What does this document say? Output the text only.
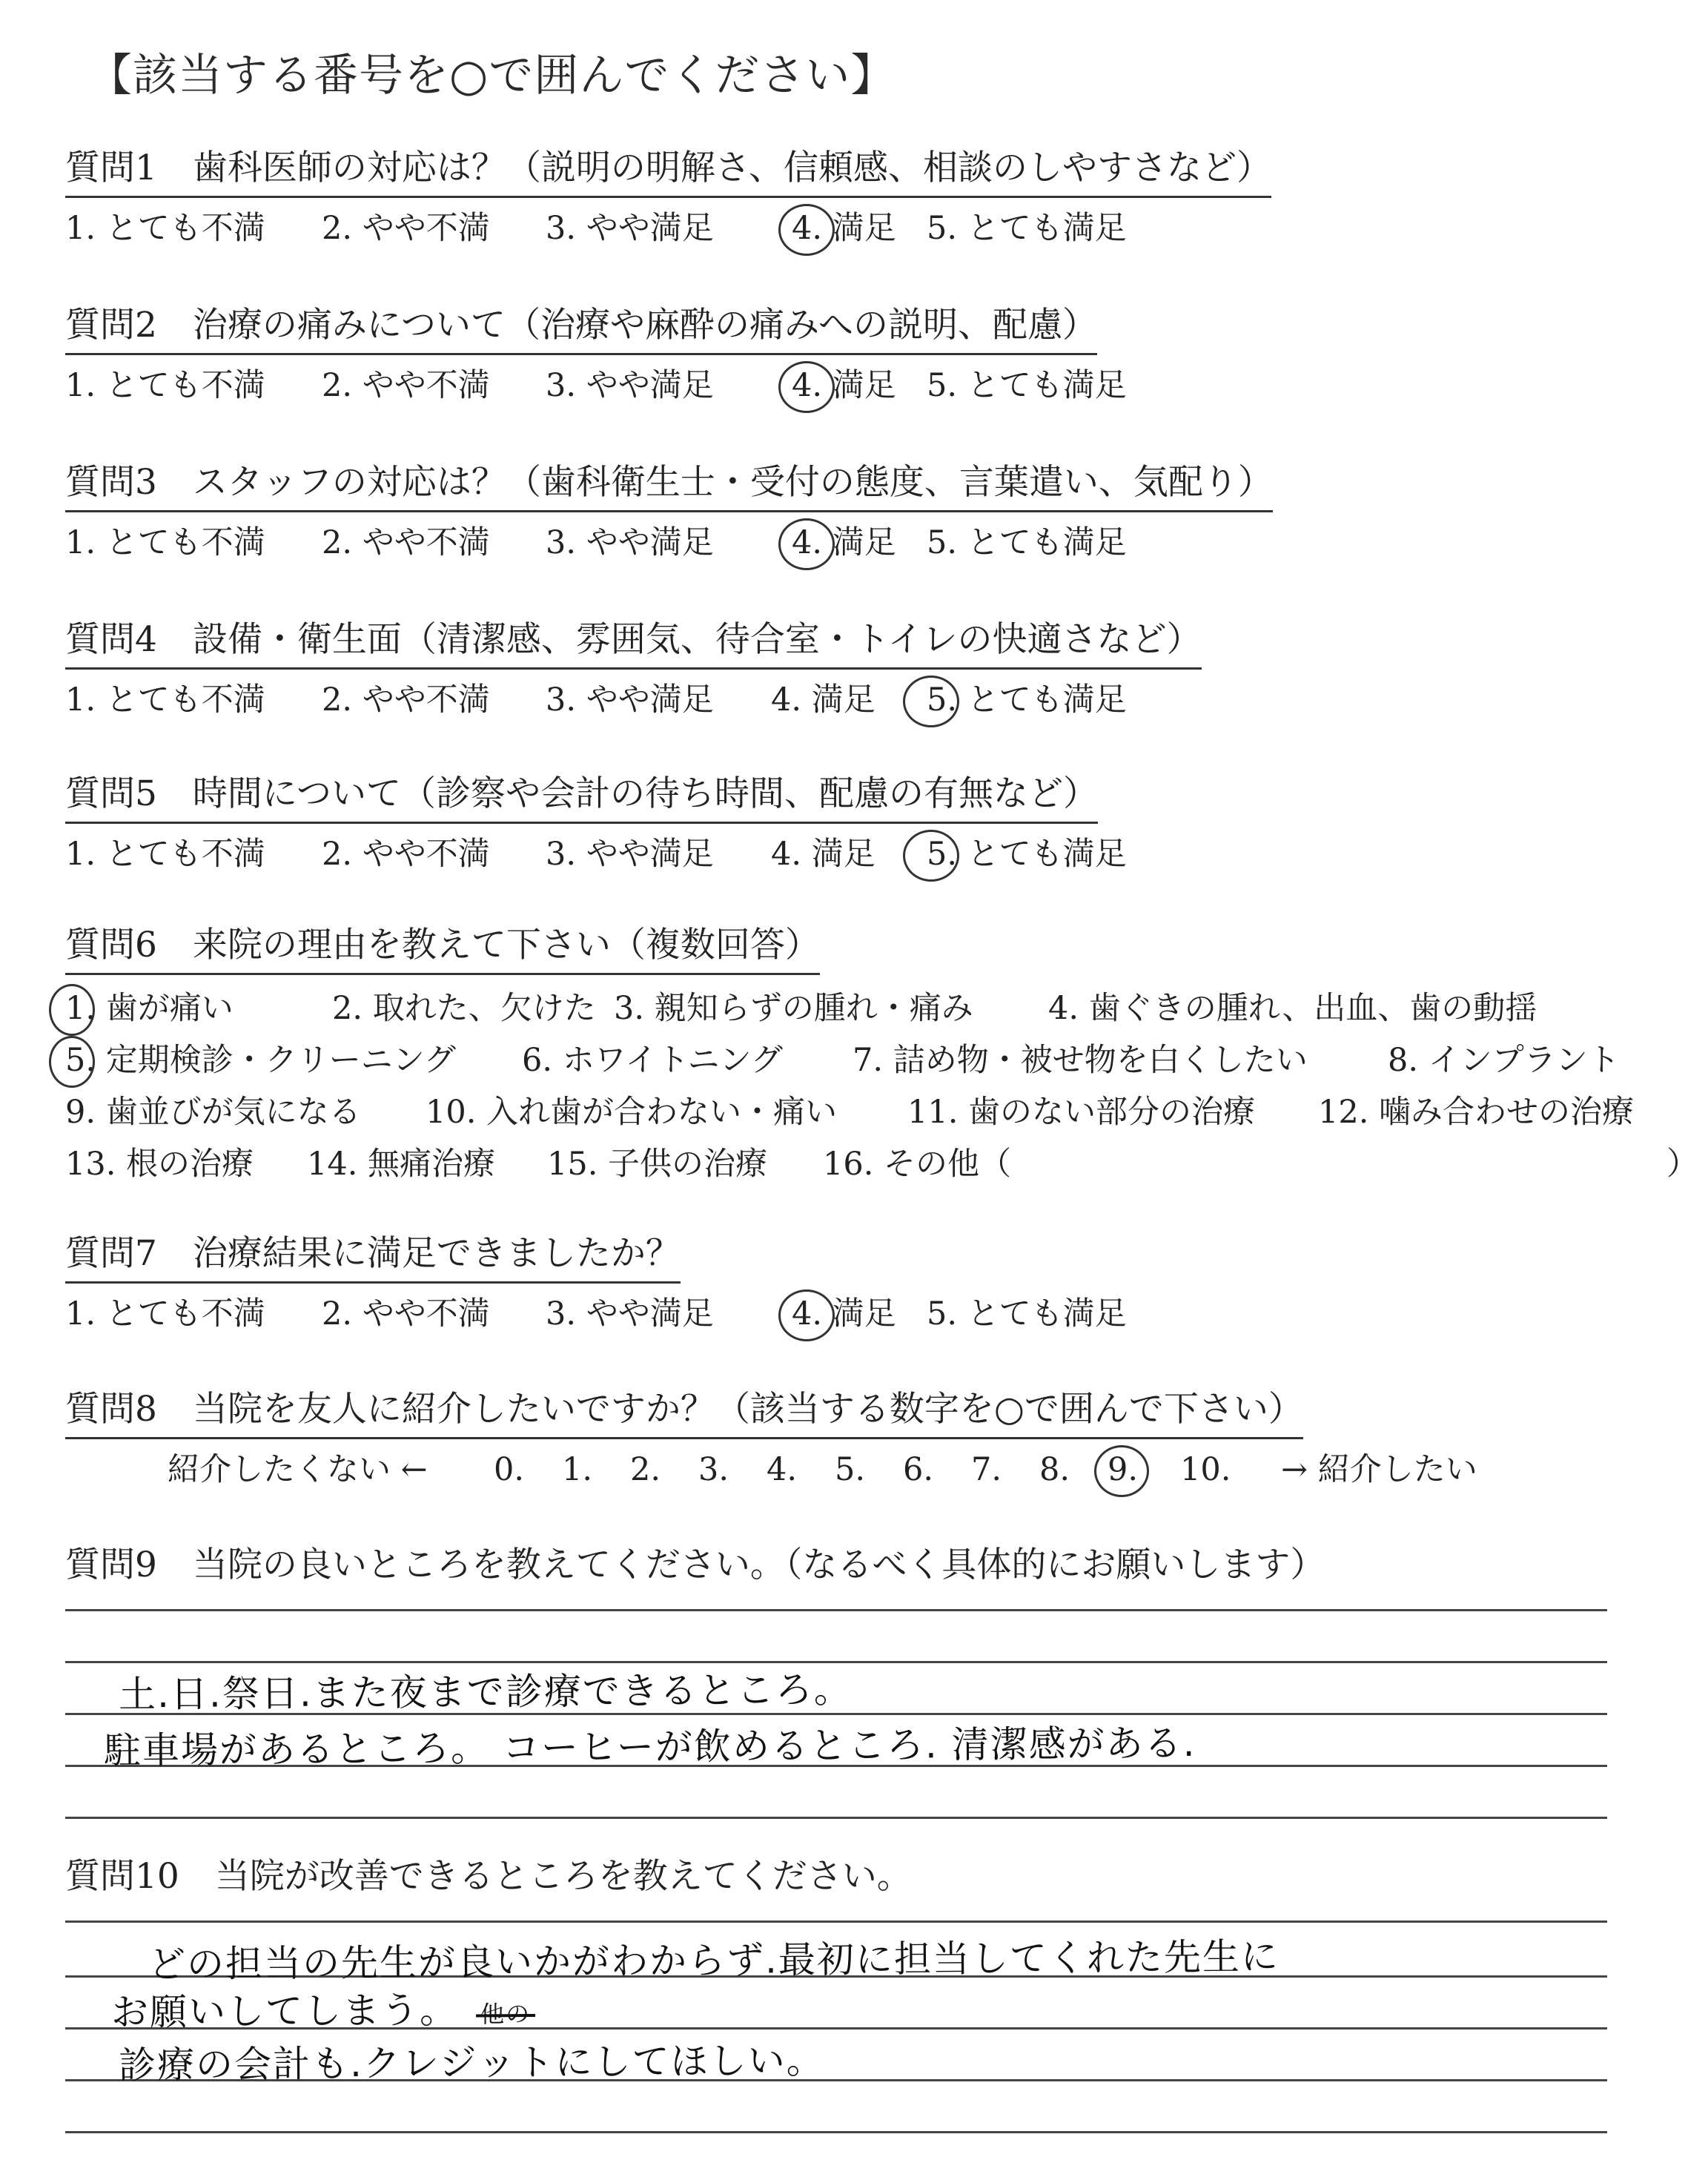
【該当する番号を○で囲んでください】
質問1 歯科医師の対応は？（説明の明解さ、信頼感、相談のしやすさなど）
1. とても不満 2. やや不満 3. やや満足 4. 満足 5. とても満足
質問2 治療の痛みについて（治療や麻酔の痛みへの説明、配慮）
1. とても不満 2. やや不満 3. やや満足 4. 満足 5. とても満足
質問3 スタッフの対応は？（歯科衛生士・受付の態度、言葉遣い、気配り）
1. とても不満 2. やや不満 3. やや満足 4. 満足 5. とても満足
質問4 設備・衛生面（清潔感、雰囲気、待合室・トイレの快適さなど）
1. とても不満 2. やや不満 3. やや満足 4. 満足 5. とても満足
質問5 時間について（診察や会計の待ち時間、配慮の有無など）
1. とても不満 2. やや不満 3. やや満足 4. 満足 5. とても満足
質問6 来院の理由を教えて下さい（複数回答）
1. 歯が痛い	2. 取れた、欠けた 3. 親知らずの腫れ・痛み 4. 歯ぐきの腫れ、出血、歯の動揺
5. 定期検診・クリーニング 6. ホワイトニング 7. 詰め物・被せ物を白くしたい	8. インプラント
9. 歯並びが気になる 10. 入れ歯が合わない・痛い 11. 歯のない部分の治療 12. 噛み合わせの治療
13. 根の治療 14. 無痛治療 15. 子供の治療 16. その他（	）
質問7 治療結果に満足できましたか？
1. とても不満 2. やや不満 3. やや満足 4. 満足 5. とても満足
質問8 当院を友人に紹介したいですか？（該当する数字を○で囲んで下さい）
紹介したくない ← 0. 1. 2. 3. 4. 5. 6. 7. 8. 9. 10. → 紹介したい
質問9 当院の良いところを教えてください。（なるべく具体的にお願いします）
土.日.祭日.また夜まで診療できるところ。
駐車場があるところ。 コーヒーが飲めるところ. 清潔感がある.
質問10 当院が改善できるところを教えてください。
どの担当の先生が良いかがわからず.最初に担当してくれた先生に
お願いしてしまう。 他の
診療の会計も.クレジットにしてほしい。
